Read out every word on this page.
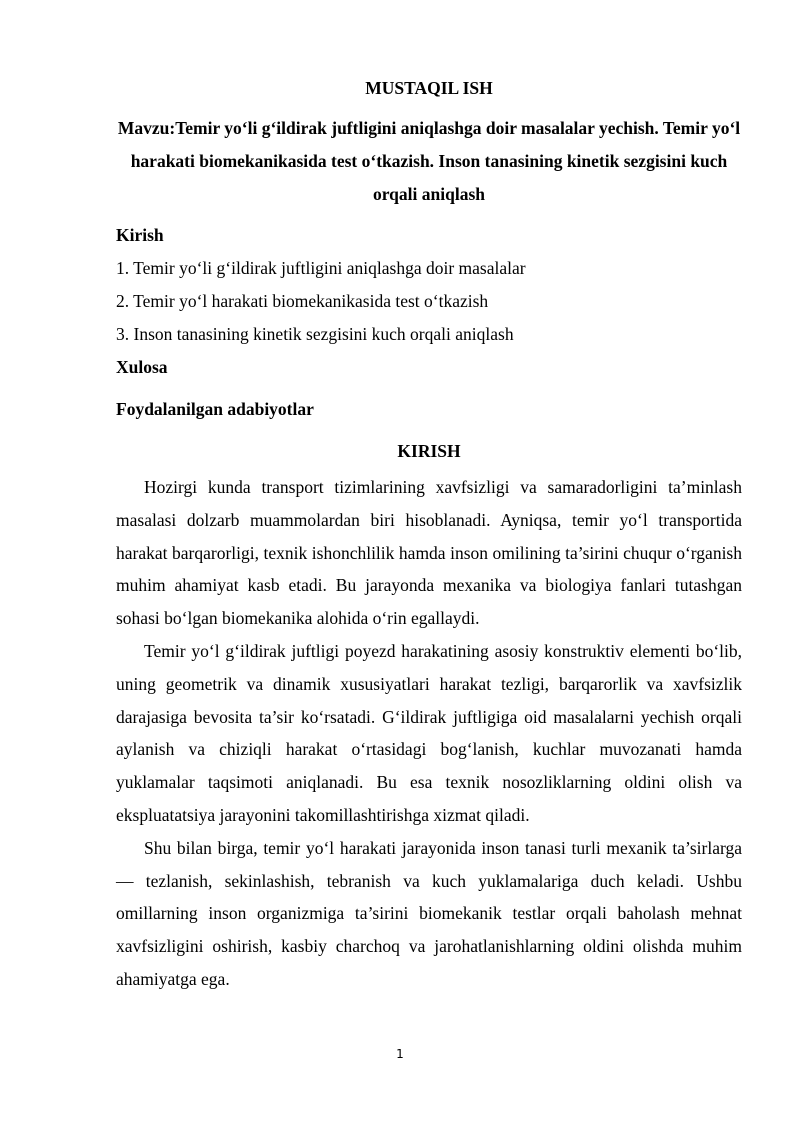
MUSTAQIL ISH

Mavzu:Temir yo‘li g‘ildirak juftligini aniqlashga doir masalalar yechish. Temir yo‘l harakati biomekanikasida test o‘tkazish. Inson tanasining kinetik sezgisini kuch orqali aniqlash

Kirish

1. Temir yo‘li g‘ildirak juftligini aniqlashga doir masalalar

2. Temir yo‘l harakati biomekanikasida test o‘tkazish

3. Inson tanasining kinetik sezgisini kuch orqali aniqlash

Xulosa

Foydalanilgan adabiyotlar

KIRISH

Hozirgi kunda transport tizimlarining xavfsizligi va samaradorligini ta’minlash masalasi dolzarb muammolardan biri hisoblanadi. Ayniqsa, temir yo‘l transportida harakat barqarorligi, texnik ishonchlilik hamda inson omilining ta’sirini chuqur o‘rganish muhim ahamiyat kasb etadi. Bu jarayonda mexanika va biologiya fanlari tutashgan sohasi bo‘lgan biomekanika alohida o‘rin egallaydi.

Temir yo‘l g‘ildirak juftligi poyezd harakatining asosiy konstruktiv elementi bo‘lib, uning geometrik va dinamik xususiyatlari harakat tezligi, barqarorlik va xavfsizlik darajasiga bevosita ta’sir ko‘rsatadi. G‘ildirak juftligiga oid masalalarni yechish orqali aylanish va chiziqli harakat o‘rtasidagi bog‘lanish, kuchlar muvozanati hamda yuklamalar taqsimoti aniqlanadi. Bu esa texnik nosozliklarning oldini olish va ekspluatatsiya jarayonini takomillashtirishga xizmat qiladi.

Shu bilan birga, temir yo‘l harakati jarayonida inson tanasi turli mexanik ta’sirlarga — tezlanish, sekinlashish, tebranish va kuch yuklamalariga duch keladi. Ushbu omillarning inson organizmiga ta’sirini biomekanik testlar orqali baholash mehnat xavfsizligini oshirish, kasbiy charchoq va jarohatlanishlarning oldini olishda muhim ahamiyatga ega.

1
